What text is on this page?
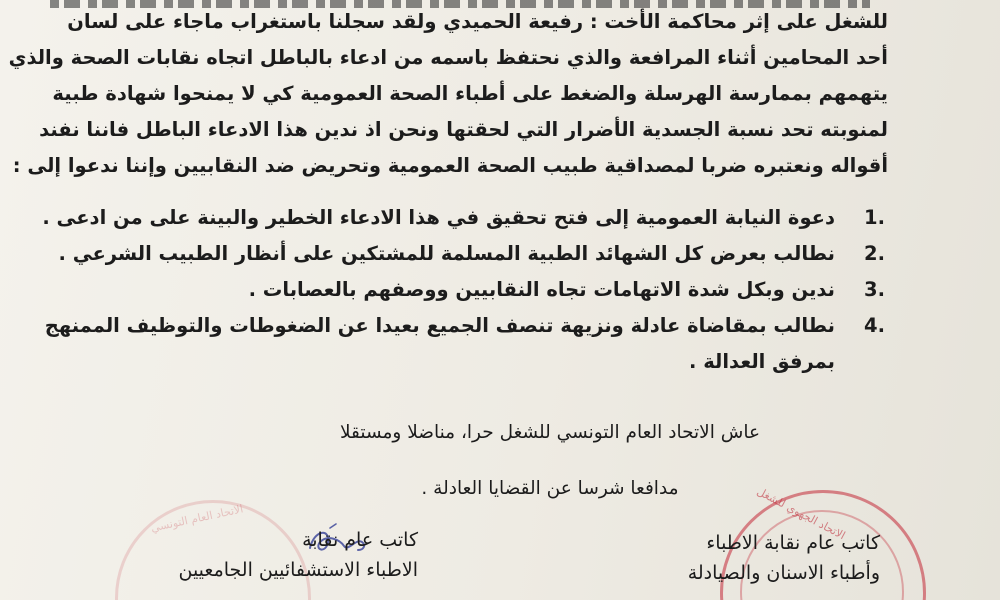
للشغل على إثر محاكمة الأخت : رفيعة الحميدي ولقد سجلنا باستغراب ماجاء على لسان
أحد المحامين أثناء المرافعة والذي نحتفظ باسمه من ادعاء بالباطل اتجاه نقابات الصحة والذي
يتهمهم بممارسة الهرسلة والضغط على أطباء الصحة العمومية كي لا يمنحوا شهادة طبية
لمنوبته تحد نسبة الجسدية الأضرار التي لحقتها ونحن اذ ندين هذا الادعاء الباطل فاننا نفند
أقواله ونعتبره ضربا لمصداقية طبيب الصحة العمومية وتحريض ضد النقابيين وإننا ندعوا إلى :
1.
دعوة النيابة العمومية إلى فتح تحقيق في هذا الادعاء الخطير والبينة على من ادعى .
2.
نطالب بعرض كل الشهائد الطبية المسلمة للمشتكين على أنظار الطبيب الشرعي .
3.
ندين وبكل شدة الاتهامات تجاه النقابيين ووصفهم بالعصابات .
4.
نطالب بمقاضاة عادلة ونزيهة تنصف الجميع بعيدا عن الضغوطات والتوظيف الممنهج
بمرفق العدالة .
عاش الاتحاد العام التونسي للشغل حرا، مناضلا ومستقلا
مدافعا شرسا عن القضايا العادلة .
الاتحاد العام التونسي	الاتحاد الجهوي للشغل
كاتب عام نقابة
الاطباء الاستشفائيين الجامعيين
كاتب عام نقابة الاطباء
وأطباء الاسنان والصيادلة
